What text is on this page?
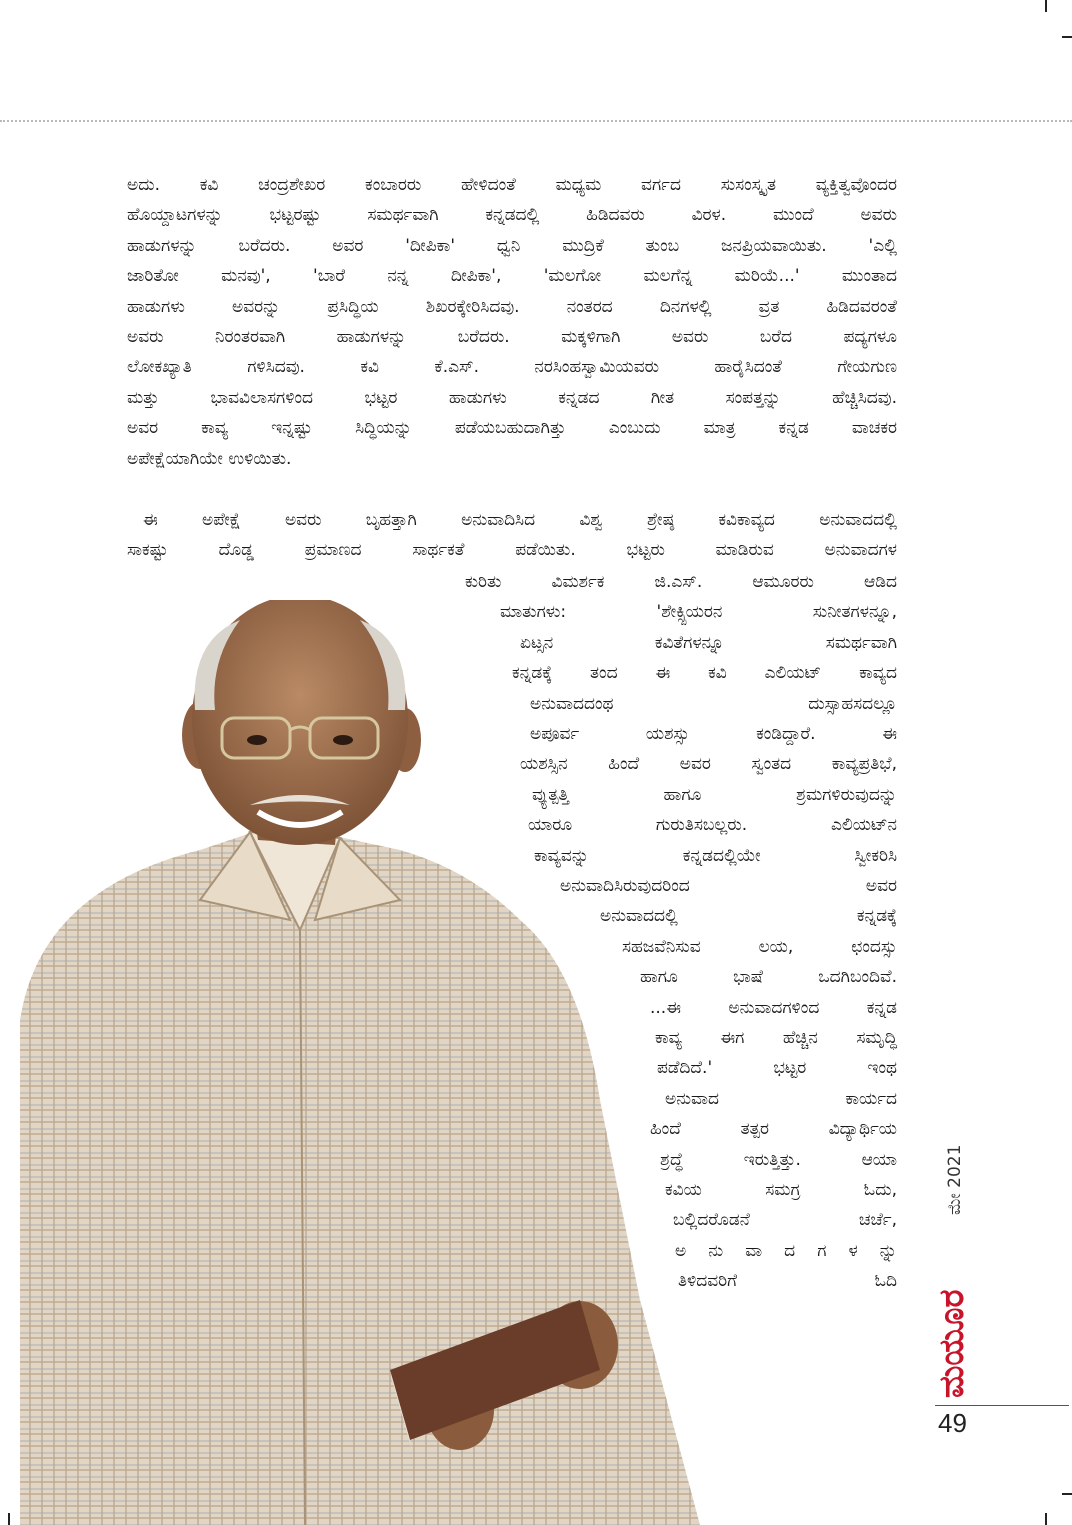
ಅದು. ಕವಿ ಚಂದ್ರಶೇಖರ ಕಂಬಾರರು ಹೇಳಿದಂತೆ ಮಧ್ಯಮ ವರ್ಗದ ಸುಸಂಸ್ಕೃತ ವ್ಯಕ್ತಿತ್ವವೊಂದರ
ಹೊಯ್ದಾಟಗಳನ್ನು ಭಟ್ಟರಷ್ಟು ಸಮರ್ಥವಾಗಿ ಕನ್ನಡದಲ್ಲಿ ಹಿಡಿದವರು ವಿರಳ. ಮುಂದೆ ಅವರು
ಹಾಡುಗಳನ್ನು ಬರೆದರು. ಅವರ 'ದೀಪಿಕಾ' ಧ್ವನಿ ಮುದ್ರಿಕೆ ತುಂಬ ಜನಪ್ರಿಯವಾಯಿತು. 'ಎಲ್ಲಿ
ಜಾರಿತೋ ಮನವು', 'ಬಾರೆ ನನ್ನ ದೀಪಿಕಾ', 'ಮಲಗೋ ಮಲಗೆನ್ನ ಮರಿಯೆ...' ಮುಂತಾದ
ಹಾಡುಗಳು ಅವರನ್ನು ಪ್ರಸಿದ್ಧಿಯ ಶಿಖರಕ್ಕೇರಿಸಿದವು. ನಂತರದ ದಿನಗಳಲ್ಲಿ ವ್ರತ ಹಿಡಿದವರಂತೆ
ಅವರು ನಿರಂತರವಾಗಿ ಹಾಡುಗಳನ್ನು ಬರೆದರು. ಮಕ್ಕಳಿಗಾಗಿ ಅವರು ಬರೆದ ಪದ್ಯಗಳೂ
ಲೋಕಖ್ಯಾತಿ ಗಳಿಸಿದವು. ಕವಿ ಕೆ.ಎಸ್. ನರಸಿಂಹಸ್ವಾಮಿಯವರು ಹಾರೈಸಿದಂತೆ ಗೇಯಗುಣ
ಮತ್ತು ಭಾವವಿಲಾಸಗಳಿಂದ ಭಟ್ಟರ ಹಾಡುಗಳು ಕನ್ನಡದ ಗೀತ ಸಂಪತ್ತನ್ನು ಹೆಚ್ಚಿಸಿದವು.
ಅವರ ಕಾವ್ಯ ಇನ್ನಷ್ಟು ಸಿದ್ಧಿಯನ್ನು ಪಡೆಯಬಹುದಾಗಿತ್ತು ಎಂಬುದು ಮಾತ್ರ ಕನ್ನಡ ವಾಚಕರ
ಅಪೇಕ್ಷೆಯಾಗಿಯೇ ಉಳಿಯಿತು.
ಈ ಅಪೇಕ್ಷೆ ಅವರು ಬೃಹತ್ತಾಗಿ ಅನುವಾದಿಸಿದ ವಿಶ್ವ ಶ್ರೇಷ್ಠ ಕವಿಕಾವ್ಯದ ಅನುವಾದದಲ್ಲಿ
ಸಾಕಷ್ಟು ದೊಡ್ಡ ಪ್ರಮಾಣದ ಸಾರ್ಥಕತೆ ಪಡೆಯಿತು. ಭಟ್ಟರು ಮಾಡಿರುವ ಅನುವಾದಗಳ
ಕುರಿತು	ವಿಮರ್ಶಕ	ಜಿ.ಎಸ್.	ಆಮೂರರು	ಆಡಿದ
ಮಾತುಗಳು:	'ಶೇಕ್ಸ್ಪಿಯರನ	ಸುನೀತಗಳನ್ನೂ,
ಏಟ್ಸನ	ಕವಿತೆಗಳನ್ನೂ	ಸಮರ್ಥವಾಗಿ
ಕನ್ನಡಕ್ಕೆ ತಂದ ಈ ಕವಿ ಎಲಿಯಟ್ ಕಾವ್ಯದ
ಅನುವಾದದಂಥ	ದುಸ್ಸಾಹಸದಲ್ಲೂ
ಅಪೂರ್ವ	ಯಶಸ್ಸು	ಕಂಡಿದ್ದಾರೆ.	ಈ
ಯಶಸ್ಸಿನ ಹಿಂದೆ ಅವರ ಸ್ವಂತದ ಕಾವ್ಯಪ್ರತಿಭೆ,
ವ್ಯುತ್ಪತ್ತಿ	ಹಾಗೂ	ಶ್ರಮಗಳಿರುವುದನ್ನು
ಯಾರೂ	ಗುರುತಿಸಬಲ್ಲರು.	ಎಲಿಯಟ್‌ನ
ಕಾವ್ಯವನ್ನು	ಕನ್ನಡದಲ್ಲಿಯೇ	ಸ್ವೀಕರಿಸಿ
ಅನುವಾದಿಸಿರುವುದರಿಂದ	ಅವರ
ಅನುವಾದದಲ್ಲಿ	ಕನ್ನಡಕ್ಕೆ
ಸಹಜವೆನಿಸುವ	ಲಯ,	ಛಂದಸ್ಸು
ಹಾಗೂ	ಭಾಷೆ	ಒದಗಿಬಂದಿವೆ.
...ಈ	ಅನುವಾದಗಳಿಂದ	ಕನ್ನಡ
ಕಾವ್ಯ ಈಗ ಹೆಚ್ಚಿನ ಸಮೃದ್ಧಿ
ಪಡೆದಿದೆ.'	ಭಟ್ಟರ	ಇಂಥ
ಅನುವಾದ	ಕಾರ್ಯದ
ಹಿಂದೆ	ತತ್ಪರ	ವಿದ್ಯಾರ್ಥಿಯ
ಶ್ರದ್ಧೆ	ಇರುತ್ತಿತ್ತು.	ಆಯಾ
ಕವಿಯ	ಸಮಗ್ರ	ಓದು,
ಬಲ್ಲಿದರೊಡನೆ	ಚರ್ಚೆ,
ಅ ನು ವಾ ದ ಗ ಳ ನ್ನು
ತಿಳಿದವರಿಗೆ	ಓದಿ
ಮೇ 2021
ಮಯೂರ
49
